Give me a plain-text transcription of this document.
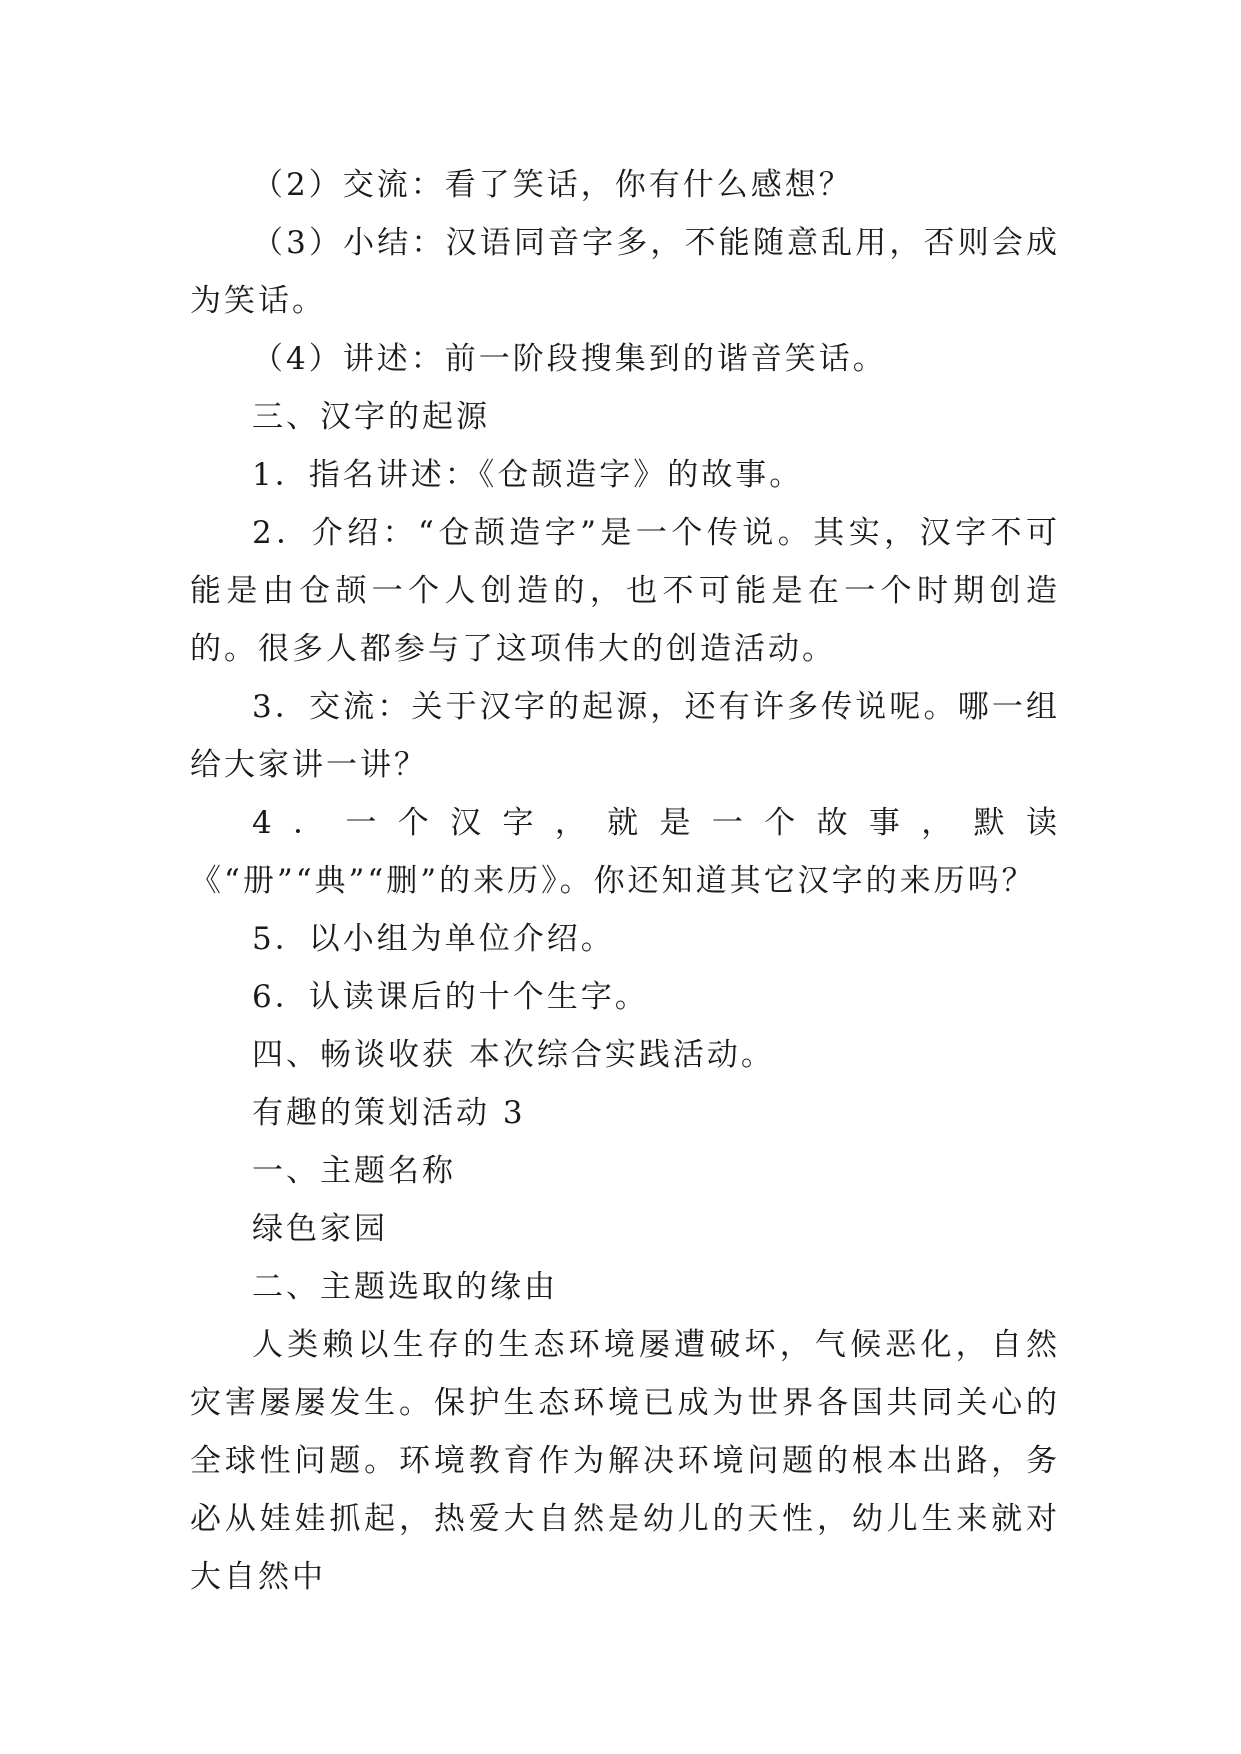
（2）交流：看了笑话，你有什么感想？

（3）小结：汉语同音字多，不能随意乱用，否则会成为笑话。

（4）讲述：前一阶段搜集到的谐音笑话。

三、汉字的起源

1．指名讲述：《仓颉造字》的故事。

2．介绍：“仓颉造字”是一个传说。其实，汉字不可能是由仓颉一个人创造的，也不可能是在一个时期创造的。很多人都参与了这项伟大的创造活动。

3．交流：关于汉字的起源，还有许多传说呢。哪一组给大家讲一讲？

4．一个汉字，就是一个故事，默读《“册”“典”“删”的来历》。你还知道其它汉字的来历吗？

5．以小组为单位介绍。

6．认读课后的十个生字。

四、畅谈收获 本次综合实践活动。

有趣的策划活动 3

一、主题名称

绿色家园

二、主题选取的缘由

人类赖以生存的生态环境屡遭破坏，气候恶化，自然灾害屡屡发生。保护生态环境已成为世界各国共同关心的全球性问题。环境教育作为解决环境问题的根本出路，务必从娃娃抓起，热爱大自然是幼儿的天性，幼儿生来就对大自然中
